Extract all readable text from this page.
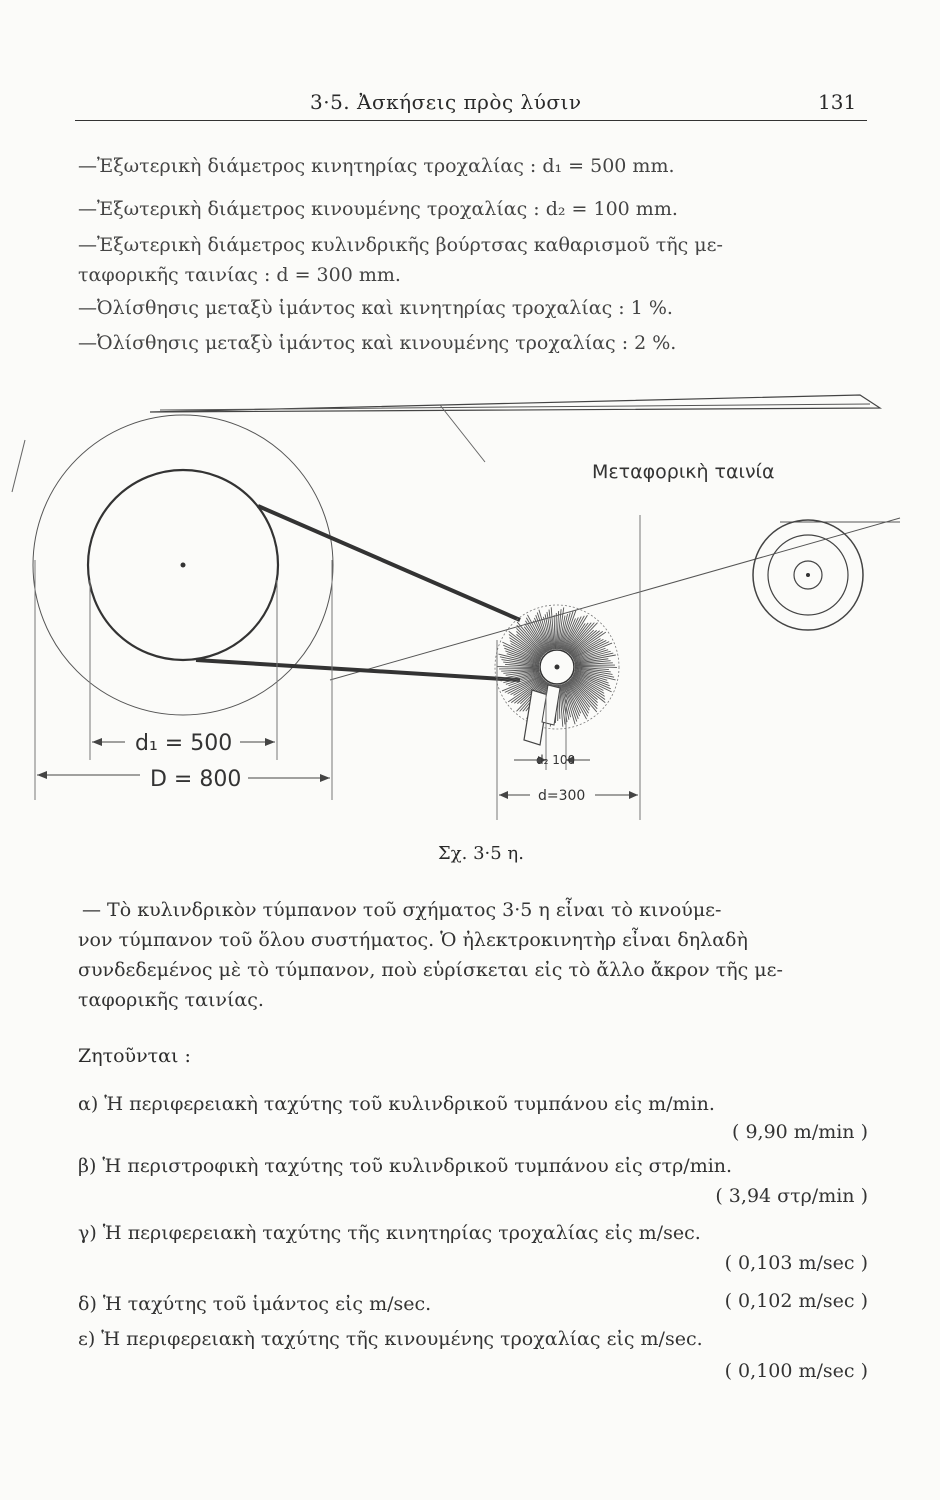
3·5. Ἀσκήσεις πρὸς λύσιν	131
—Ἐξωτερικὴ διάμετρος κινητηρίας τροχαλίας : d₁ = 500 mm.
—Ἐξωτερικὴ διάμετρος κινουμένης τροχαλίας : d₂ = 100 mm.
—Ἐξωτερικὴ διάμετρος κυλινδρικῆς βούρτσας καθαρισμοῦ τῆς με-
ταφορικῆς ταινίας : d = 300 mm.
—Ὀλίσθησις μεταξὺ ἱμάντος καὶ κινητηρίας τροχαλίας : 1 %.
—Ὀλίσθησις μεταξὺ ἱμάντος καὶ κινουμένης τροχαλίας : 2 %.
Μεταφορικὴ ταινία
d₁ = 500
D = 800
d₂ 100
d=300
Σχ. 3·5 η.
— Τὸ κυλινδρικὸν τύμπανον τοῦ σχήματος 3·5 η εἶναι τὸ κινούμε-
νον τύμπανον τοῦ ὅλου συστήματος. Ὁ ἠλεκτροκινητὴρ εἶναι δηλαδὴ
συνδεδεμένος μὲ τὸ τύμπανον, ποὺ εὑρίσκεται εἰς τὸ ἄλλο ἄκρον τῆς με-
ταφορικῆς ταινίας.
Ζητοῦνται :
α) Ἡ περιφερειακὴ ταχύτης τοῦ κυλινδρικοῦ τυμπάνου εἰς m/min.
( 9,90 m/min )
β) Ἡ περιστροφικὴ ταχύτης τοῦ κυλινδρικοῦ τυμπάνου εἰς στρ/min.
( 3,94 στρ/min )
γ) Ἡ περιφερειακὴ ταχύτης τῆς κινητηρίας τροχαλίας εἰς m/sec.
( 0,103 m/sec )
δ) Ἡ ταχύτης τοῦ ἱμάντος εἰς m/sec.	( 0,102 m/sec )
ε) Ἡ περιφερειακὴ ταχύτης τῆς κινουμένης τροχαλίας εἰς m/sec.
( 0,100 m/sec )
